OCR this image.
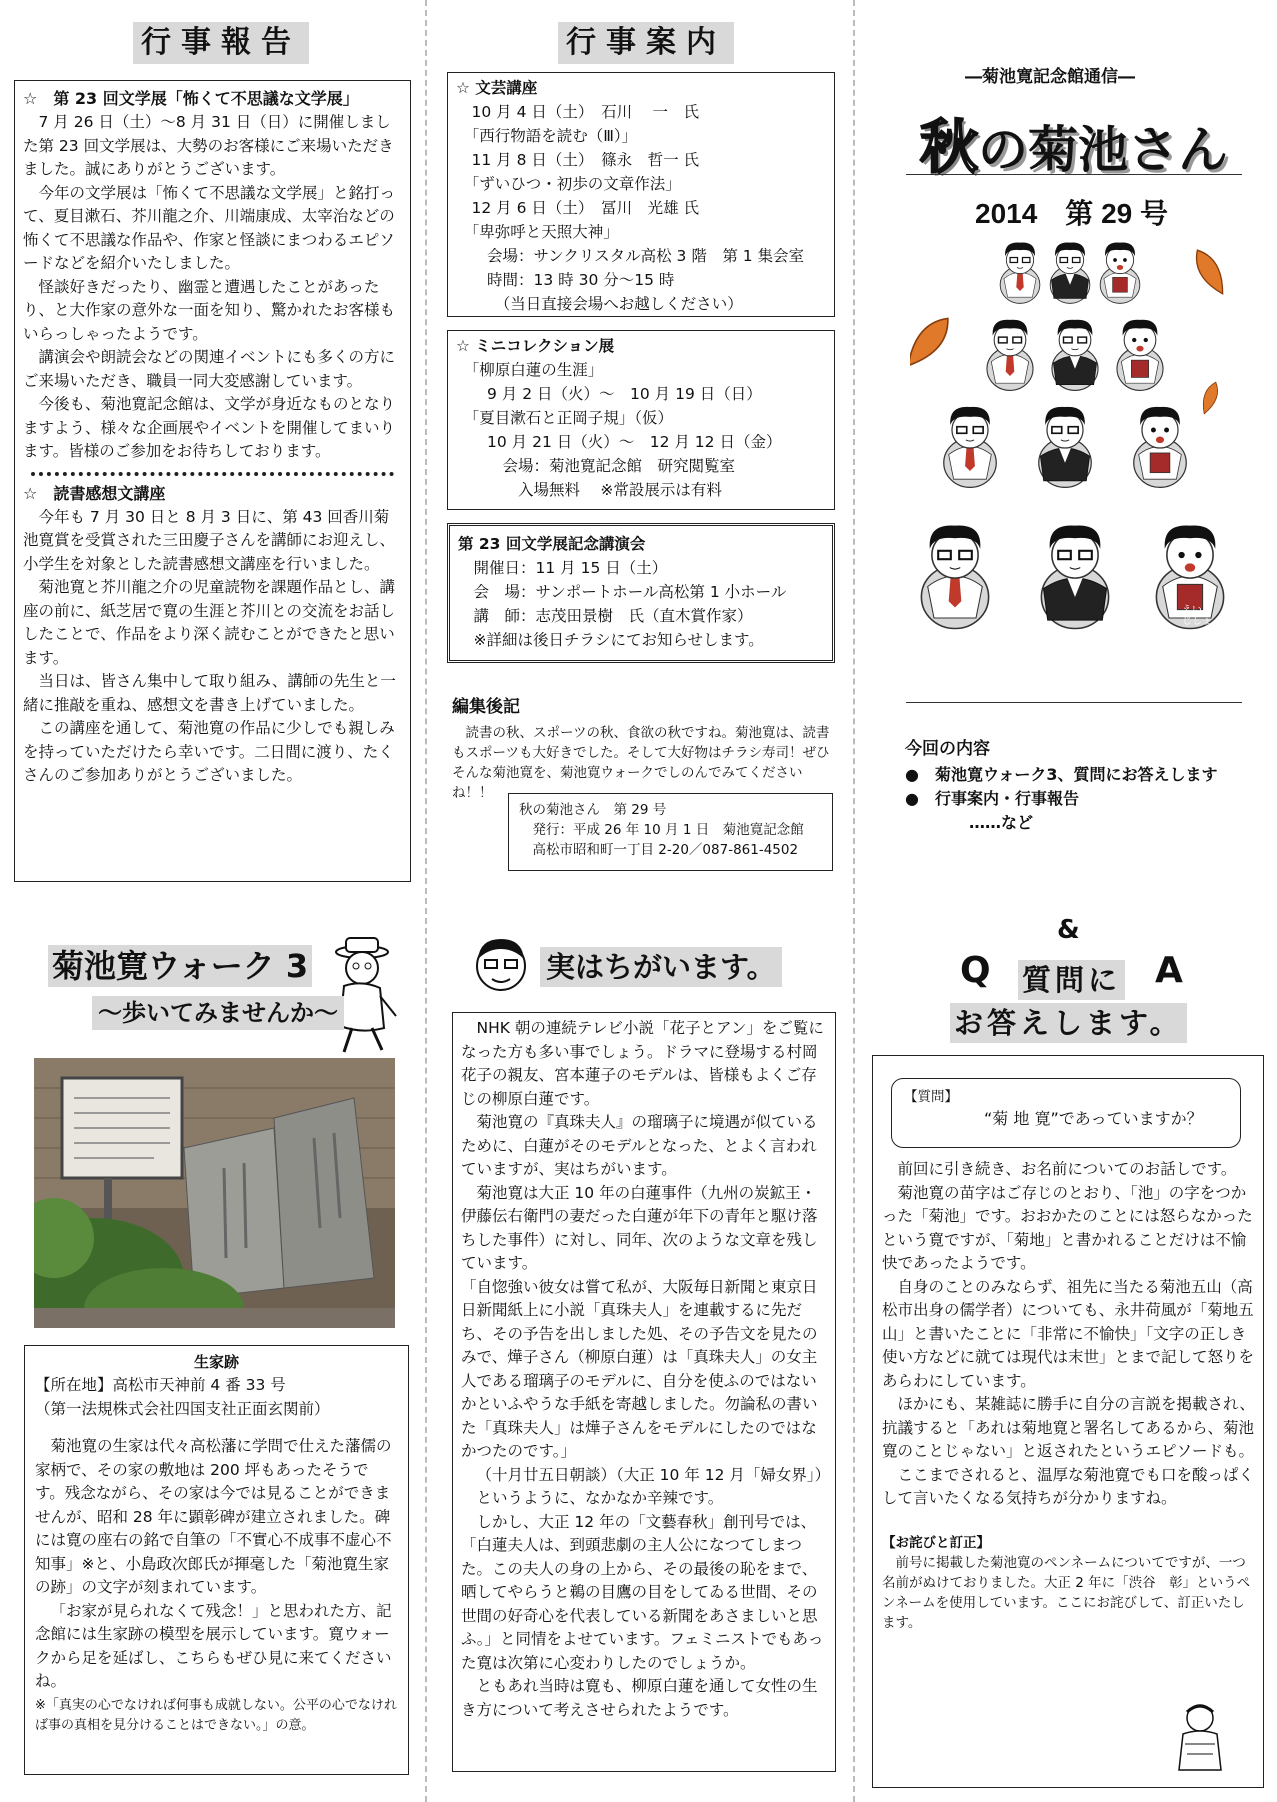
行事報告

☆　第 23 回文学展「怖くて不思議な文学展」

7 月 26 日（土）～8 月 31 日（日）に開催しました第 23 回文学展は、大勢のお客様にご来場いただきました。誠にありがとうございます。

今年の文学展は「怖くて不思議な文学展」と銘打って、夏目漱石、芥川龍之介、川端康成、太宰治などの怖くて不思議な作品や、作家と怪談にまつわるエピソードなどを紹介いたしました。

怪談好きだったり、幽霊と遭遇したことがあったり、と大作家の意外な一面を知り、驚かれたお客様もいらっしゃったようです。

講演会や朗読会などの関連イベントにも多くの方にご来場いただき、職員一同大変感謝しています。

今後も、菊池寛記念館は、文学が身近なものとなりますよう、様々な企画展やイベントを開催してまいります。皆様のご参加をお待ちしております。

☆　読書感想文講座

今年も 7 月 30 日と 8 月 3 日に、第 43 回香川菊池寛賞を受賞された三田慶子さんを講師にお迎えし、小学生を対象とした読書感想文講座を行いました。

菊池寛と芥川龍之介の児童読物を課題作品とし、講座の前に、紙芝居で寛の生涯と芥川との交流をお話ししたことで、作品をより深く読むことができたと思います。

当日は、皆さん集中して取り組み、講師の先生と一緒に推敲を重ね、感想文を書き上げていました。

この講座を通して、菊池寛の作品に少しでも親しみを持っていただけたら幸いです。二日間に渡り、たくさんのご参加ありがとうございました。

行事案内

☆ 文芸講座

　10 月 4 日（土）　石川　 一　氏

　「西行物語を読む（Ⅲ）」

　11 月 8 日（土）　篠永　哲一 氏

　「ずいひつ・初歩の文章作法」

　12 月 6 日（土）　冨川　光雄 氏

　「卑弥呼と天照大神」

　　会場：サンクリスタル高松 3 階　第 1 集会室

　　時間：13 時 30 分～15 時

　　　（当日直接会場へお越しください）

☆ ミニコレクション展

　「柳原白蓮の生涯」

　　9 月 2 日（火）～　10 月 19 日（日）

　「夏目漱石と正岡子規」（仮）

　　10 月 21 日（火）～　12 月 12 日（金）

　　　会場：菊池寛記念館　研究閲覧室

　　　　入場無料　 ※常設展示は有料

第 23 回文学展記念講演会

　開催日：11 月 15 日（土）

　会　場：サンポートホール高松第 1 小ホール

　講　師：志茂田景樹　氏（直木賞作家）

　※詳細は後日チラシにてお知らせします。

編集後記

読書の秋、スポーツの秋、食欲の秋ですね。菊池寛は、読書もスポーツも大好きでした。そして大好物はチラシ寿司！ぜひそんな菊池寛を、菊池寛ウォークでしのんでみてくださいね！！

秋の菊池さん　第 29 号

発行：平成 26 年 10 月 1 日　菊池寛記念館

高松市昭和町一丁目 2-20／087-861-4502

―菊池寛記念館通信―
秋の菊池さん
2014　第 29 号
えいご
じしょ

今回の内容

●　菊池寛ウォーク3、質問にお答えします

●　行事案内・行事報告

　　　　……など

菊池寛ウォーク 3
～歩いてみませんか～

生家跡

【所在地】高松市天神前 4 番 33 号

（第一法規株式会社四国支社正面玄関前）

菊池寛の生家は代々高松藩に学問で仕えた藩儒の家柄で、その家の敷地は 200 坪もあったそうです。残念ながら、その家は今では見ることができませんが、昭和 28 年に顕彰碑が建立されました。碑には寛の座右の銘で自筆の「不實心不成事不虚心不知事」※と、小島政次郎氏が揮毫した「菊池寛生家の跡」の文字が刻まれています。

「お家が見られなくて残念！」と思われた方、記念館には生家跡の模型を展示しています。寛ウォークから足を延ばし、こちらもぜひ見に来てくださいね。

※「真実の心でなければ何事も成就しない。公平の心でなければ事の真相を見分けることはできない。」の意。

実はちがいます。

NHK 朝の連続テレビ小説「花子とアン」をご覧になった方も多い事でしょう。ドラマに登場する村岡花子の親友、宮本蓮子のモデルは、皆様もよくご存じの柳原白蓮です。

菊池寛の『真珠夫人』の瑠璃子に境遇が似ているために、白蓮がそのモデルとなった、とよく言われていますが、実はちがいます。

菊池寛は大正 10 年の白蓮事件（九州の炭鉱王・伊藤伝右衛門の妻だった白蓮が年下の青年と駆け落ちした事件）に対し、同年、次のような文章を残しています。

「自惚強い彼女は嘗て私が、大阪毎日新聞と東京日日新聞紙上に小説「真珠夫人」を連載するに先だち、その予告を出しました処、その予告文を見たのみで、燁子さん（柳原白蓮）は「真珠夫人」の女主人である瑠璃子のモデルに、自分を使ふのではないかといふやうな手紙を寄越しました。勿論私の書いた「真珠夫人」は燁子さんをモデルにしたのではなかつたのです。」

（十月廿五日朝談）（大正 10 年 12 月「婦女界」）

というように、なかなか辛辣です。

しかし、大正 12 年の「文藝春秋」創刊号では、「白蓮夫人は、到頭悲劇の主人公になつてしまつた。この夫人の身の上から、その最後の恥をまで、晒してやらうと鵜の目鷹の目をしてゐる世間、その世間の好奇心を代表している新聞をあさましいと思ふ。」と同情をよせています。フェミニストでもあった寛は次第に心変わりしたのでしょうか。

ともあれ当時は寛も、柳原白蓮を通して女性の生き方について考えさせられたようです。

&
Q 質問に A
お答えします。

【質問】

“菊 地 寛”であっていますか？

前回に引き続き、お名前についてのお話しです。

菊池寛の苗字はご存じのとおり、「池」の字をつかった「菊池」です。おおかたのことには怒らなかったという寛ですが、「菊地」と書かれることだけは不愉快であったようです。

自身のことのみならず、祖先に当たる菊池五山（高松市出身の儒学者）についても、永井荷風が「菊地五山」と書いたことに「非常に不愉快」「文字の正しき使い方などに就ては現代は末世」とまで記して怒りをあらわにしています。

ほかにも、某雑誌に勝手に自分の言説を掲載され、抗議すると「あれは菊地寛と署名してあるから、菊池寛のことじゃない」と返されたというエピソードも。

ここまでされると、温厚な菊池寛でも口を酸っぱくして言いたくなる気持ちが分かりますね。

【お詫びと訂正】

前号に掲載した菊池寛のペンネームについてですが、一つ名前がぬけておりました。大正 2 年に「渋谷　彰」というペンネームを使用しています。ここにお詫びして、訂正いたします。
